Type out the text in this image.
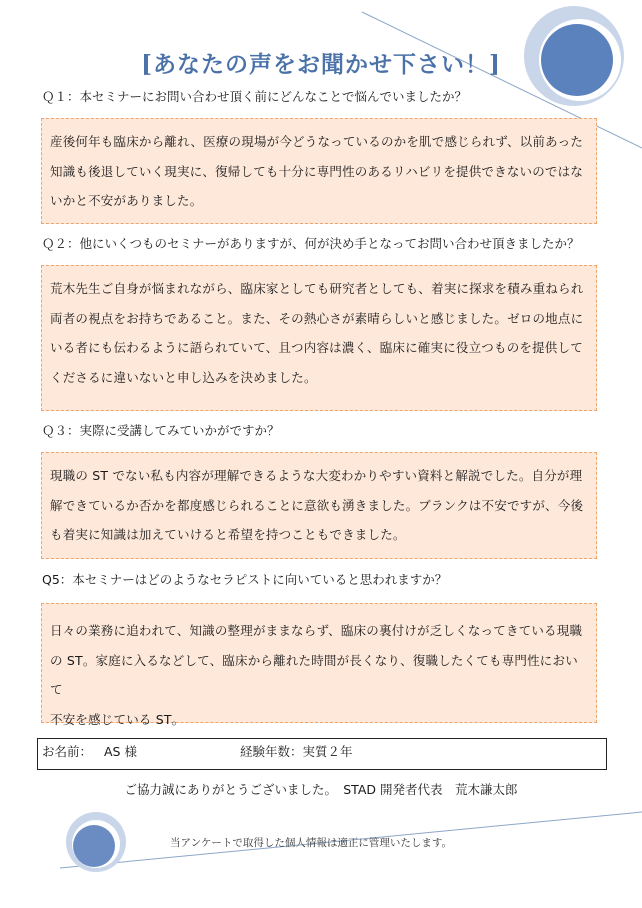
[あなたの声をお聞かせ下さい！]
Ｑ１：本セミナーにお問い合わせ頂く前にどんなことで悩んでいましたか？

産後何年も臨床から離れ、医療の現場が今どうなっているのかを肌で感じられず、以前あった

知識も後退していく現実に、復帰しても十分に専門性のあるリハビリを提供できないのではな

いかと不安がありました。

Ｑ２：他にいくつものセミナーがありますが、何が決め手となってお問い合わせ頂きましたか？

荒木先生ご自身が悩まれながら、臨床家としても研究者としても、着実に探求を積み重ねられ

両者の視点をお持ちであること。また、その熱心さが素晴らしいと感じました。ゼロの地点に

いる者にも伝わるように語られていて、且つ内容は濃く、臨床に確実に役立つものを提供して

くださるに違いないと申し込みを決めました。

Ｑ３：実際に受講してみていかがですか？

現職の ST でない私も内容が理解できるような大変わかりやすい資料と解説でした。自分が理

解できているか否かを都度感じられることに意欲も湧きました。ブランクは不安ですが、今後

も着実に知識は加えていけると希望を持つこともできました。

Q5：本セミナーはどのようなセラピストに向いていると思われますか？

日々の業務に追われて、知識の整理がままならず、臨床の裏付けが乏しくなってきている現職

の ST。家庭に入るなどして、臨床から離れた時間が長くなり、復職したくても専門性において

不安を感じている ST。

お名前： AS 様	経験年数：実質２年
ご協力誠にありがとうございました。　STAD 開発者代表　荒木謙太郎
当アンケートで取得した個人情報は適正に管理いたします。
